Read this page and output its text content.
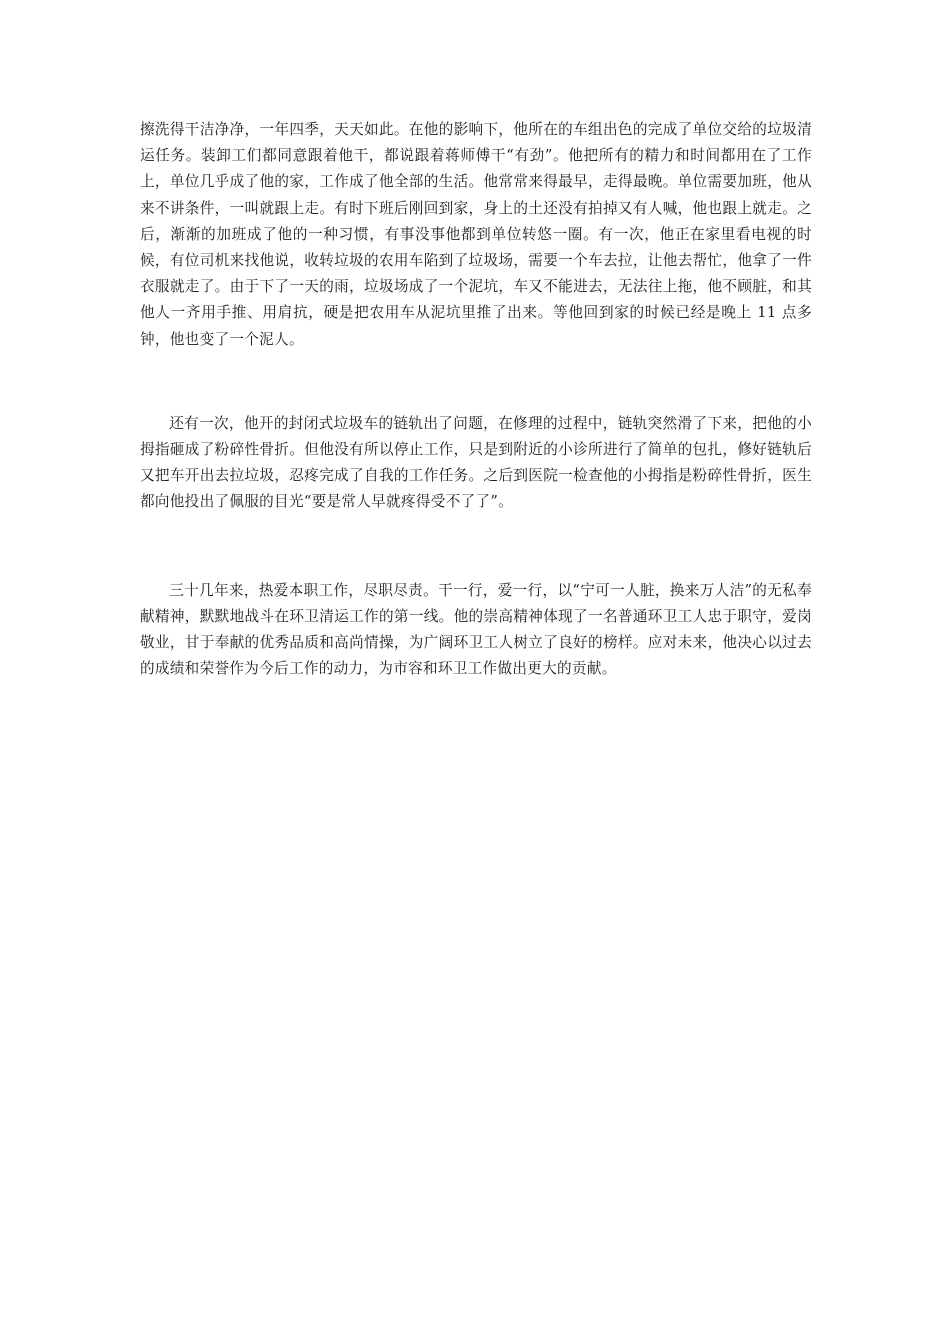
擦洗得干洁净净，一年四季，天天如此。在他的影响下，他所在的车组出色的完成了单位交给的垃圾清运任务。装卸工们都同意跟着他干，都说跟着蒋师傅干“有劲”。他把所有的精力和时间都用在了工作上，单位几乎成了他的家，工作成了他全部的生活。他常常来得最早，走得最晚。单位需要加班，他从来不讲条件，一叫就跟上走。有时下班后刚回到家，身上的土还没有拍掉又有人喊，他也跟上就走。之后，渐渐的加班成了他的一种习惯，有事没事他都到单位转悠一圈。有一次，他正在家里看电视的时候，有位司机来找他说，收转垃圾的农用车陷到了垃圾场，需要一个车去拉，让他去帮忙，他拿了一件衣服就走了。由于下了一天的雨，垃圾场成了一个泥坑，车又不能进去，无法往上拖，他不顾脏，和其他人一齐用手推、用肩抗，硬是把农用车从泥坑里推了出来。等他回到家的时候已经是晚上 11 点多钟，他也变了一个泥人。

还有一次，他开的封闭式垃圾车的链轨出了问题，在修理的过程中，链轨突然滑了下来，把他的小拇指砸成了粉碎性骨折。但他没有所以停止工作，只是到附近的小诊所进行了简单的包扎，修好链轨后又把车开出去拉垃圾，忍疼完成了自我的工作任务。之后到医院一检查他的小拇指是粉碎性骨折，医生都向他投出了佩服的目光“要是常人早就疼得受不了了”。

三十几年来，热爱本职工作，尽职尽责。干一行，爱一行，以“宁可一人脏，换来万人洁”的无私奉献精神，默默地战斗在环卫清运工作的第一线。他的崇高精神体现了一名普通环卫工人忠于职守，爱岗敬业，甘于奉献的优秀品质和高尚情操，为广阔环卫工人树立了良好的榜样。应对未来，他决心以过去的成绩和荣誉作为今后工作的动力，为市容和环卫工作做出更大的贡献。
